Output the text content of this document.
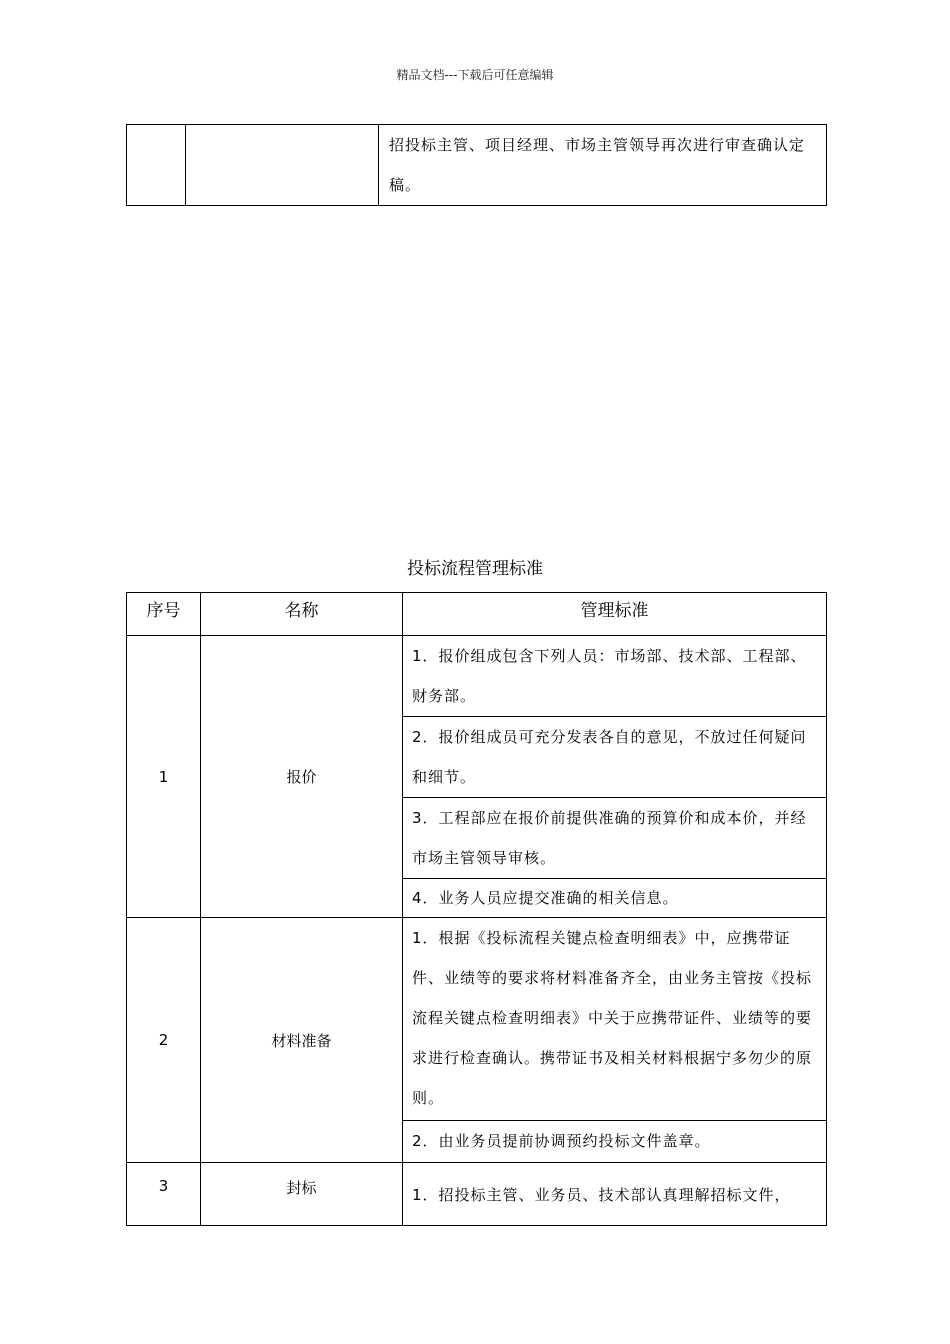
精品文档---下载后可任意编辑
		招投标主管、项目经理、市场主管领导再次进行审查确认定稿。
投标流程管理标准
序号	名称	管理标准
1	报价	1．报价组成包含下列人员：市场部、技术部、工程部、财务部。
		2．报价组成员可充分发表各自的意见，不放过任何疑问和细节。
		3．工程部应在报价前提供准确的预算价和成本价，并经市场主管领导审核。
		4．业务人员应提交准确的相关信息。
2	材料准备	1．根据《投标流程关键点检查明细表》中，应携带证件、业绩等的要求将材料准备齐全，由业务主管按《投标流程关键点检查明细表》中关于应携带证件、业绩等的要求进行检查确认。携带证书及相关材料根据宁多勿少的原则。
		2．由业务员提前协调预约投标文件盖章。
3	封标	1．招投标主管、业务员、技术部认真理解招标文件，
